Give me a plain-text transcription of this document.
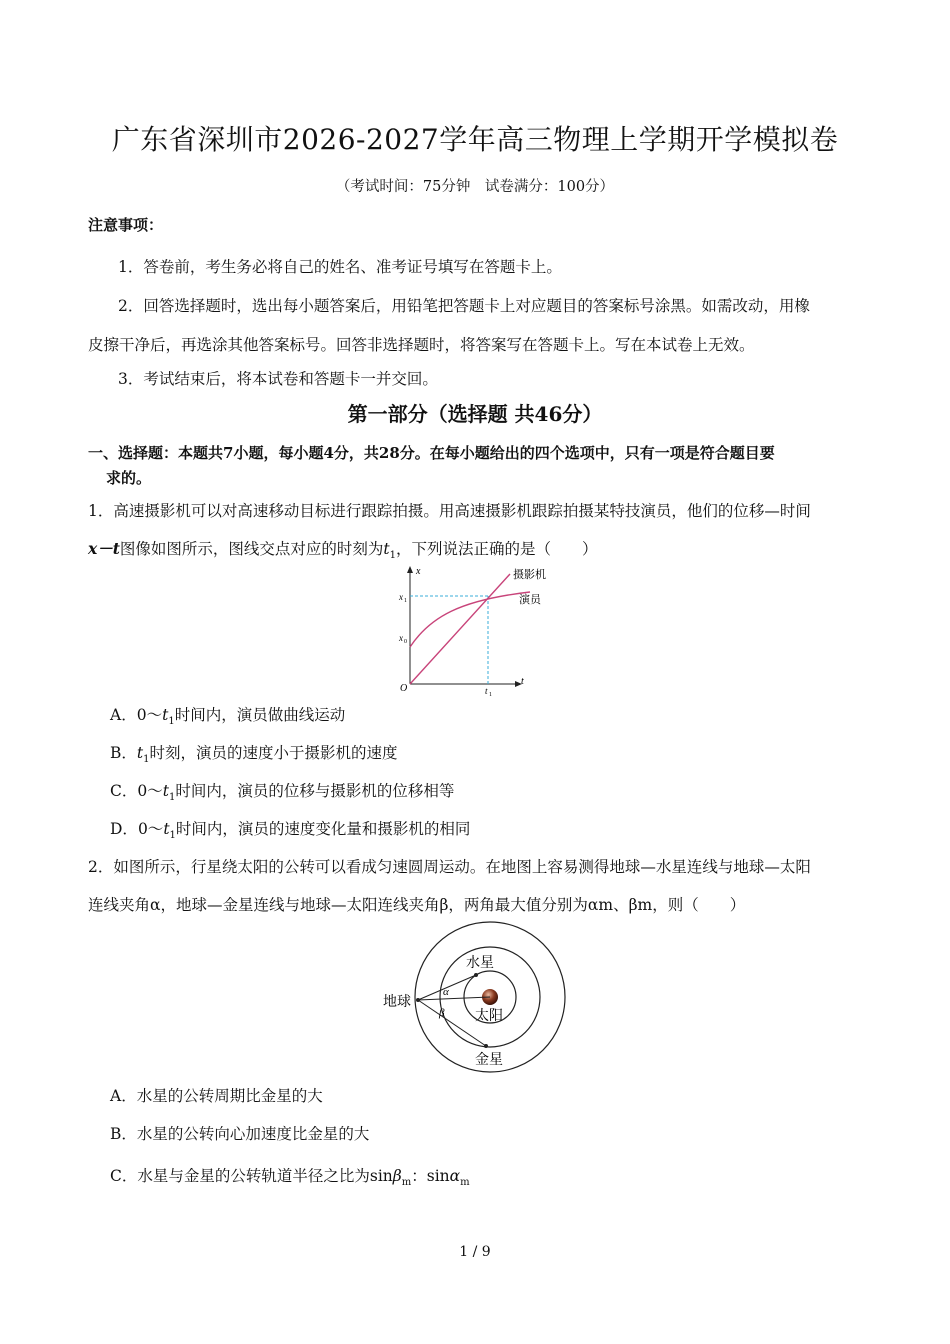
广东省深圳市2026-2027学年高三物理上学期开学模拟卷
（考试时间：75分钟　试卷满分：100分）
注意事项：
1．答卷前，考生务必将自己的姓名、准考证号填写在答题卡上。
2．回答选择题时，选出每小题答案后，用铅笔把答题卡上对应题目的答案标号涂黑。如需改动，用橡
皮擦干净后，再选涂其他答案标号。回答非选择题时，将答案写在答题卡上。写在本试卷上无效。
3．考试结束后，将本试卷和答题卡一并交回。
第一部分（选择题 共46分）
一、选择题：本题共7小题，每小题4分，共28分。在每小题给出的四个选项中，只有一项是符合题目要
求的。
1．高速摄影机可以对高速移动目标进行跟踪拍摄。用高速摄影机跟踪拍摄某特技演员，他们的位移—时间
x－t图像如图所示，图线交点对应的时刻为$t_1$，下列说法正确的是（　　）
x
t
O
x 1
x 0
t 1
摄影机
演员
A．$0\sim t_1$时间内，演员做曲线运动
B．$t_1$时刻，演员的速度小于摄影机的速度
C．$0\sim t_1$时间内，演员的位移与摄影机的位移相等
D．$0\sim t_1$时间内，演员的速度变化量和摄影机的相同
2．如图所示，行星绕太阳的公转可以看成匀速圆周运动。在地图上容易测得地球—水星连线与地球—太阳
连线夹角α，地球—金星连线与地球—太阳连线夹角β，两角最大值分别为αm、βm，则（　　）
地球
水星
太阳
金星
α
β
A．水星的公转周期比金星的大
B．水星的公转向心加速度比金星的大
C．水星与金星的公转轨道半径之比为sinβ$_m$：sinα$_m$
1 / 9
